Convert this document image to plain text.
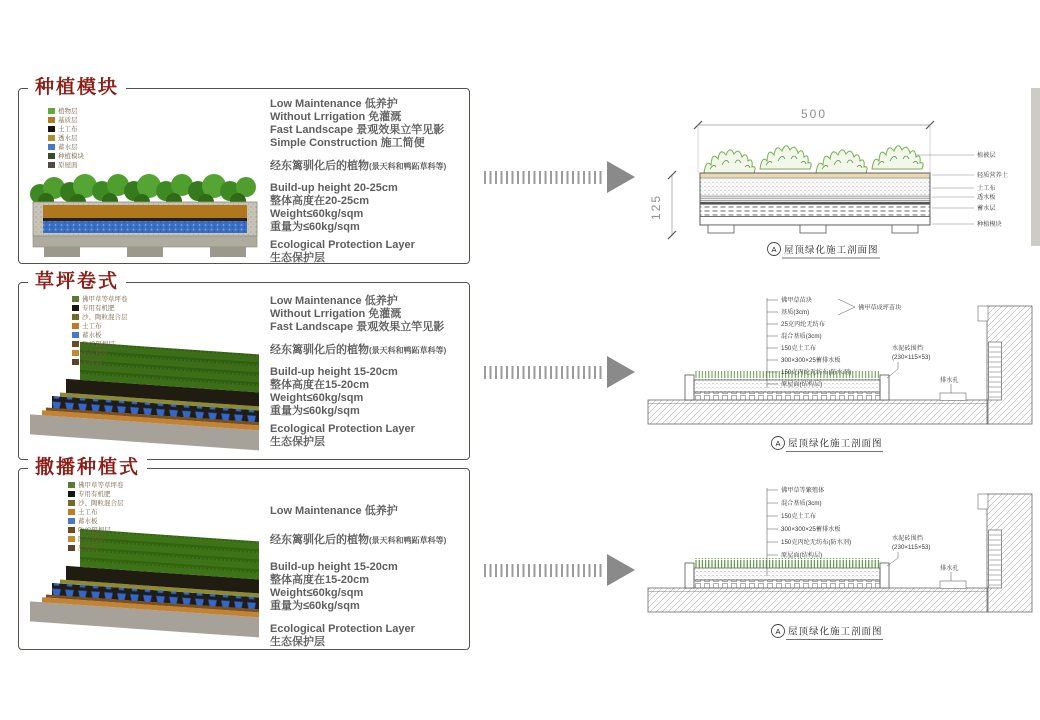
种植模块
植物层
基质层
土工布
透水层
蓄水层
种植模块
原屋面
Low Maintenance 低养护
Without Lrrigation 免灌溉
Fast Landscape 景观效果立竿见影
Simple Construction 施工简便
经东篱驯化后的植物(景天科和鸭跖草科等)
Build-up height 20-25cm
整体高度在20-25cm
Weight≤60kg/sqm
重量为≤60kg/sqm
Ecological Protection Layer
生态保护层
500
125
植被层
轻质营养土
土工布
透水板
蓄水层
种植模块
A 屋顶绿化施工剖面图
草坪卷式
佛甲草等草坪卷
专用有机肥
沙、陶粒混合层
土工布
蓄水板
PVC隔根层
防水材料
原屋面
Low Maintenance 低养护
Without Lrrigation 免灌溉
Fast Landscape 景观效果立竿见影
经东篱驯化后的植物(景天科和鸭跖草科等)
Build-up height 15-20cm
整体高度在15-20cm
Weight≤60kg/sqm
重量为≤60kg/sqm
Ecological Protection Layer
生态保护层
佛甲草苗块
基质(3cm)
25克丙纶无纺布
混合基质(3cm)
150克土工布
300×300×25蓄排水板
150克丙纶无纺布(防水剂)
原屋面(结构层)
佛甲草成坪苗块
水泥砖围挡
(230×115×53)
排水孔
A 屋顶绿化施工剖面图
撒播种植式
佛甲草等草坪卷
专用有机肥
沙、陶粒混合层
土工布
蓄水板
PVC隔根层
防水材料
原屋面
Low Maintenance 低养护
经东篱驯化后的植物(景天科和鸭跖草科等)
Build-up height 15-20cm
整体高度在15-20cm
Weight≤60kg/sqm
重量为≤60kg/sqm
Ecological Protection Layer
生态保护层
佛甲草等繁殖体
混合基质(3cm)
150克土工布
300×300×25蓄排水板
150克丙纶无纺布(防水剂)
原屋面(结构层)
水泥砖围挡
(230×115×53)
排水孔
A 屋顶绿化施工剖面图
